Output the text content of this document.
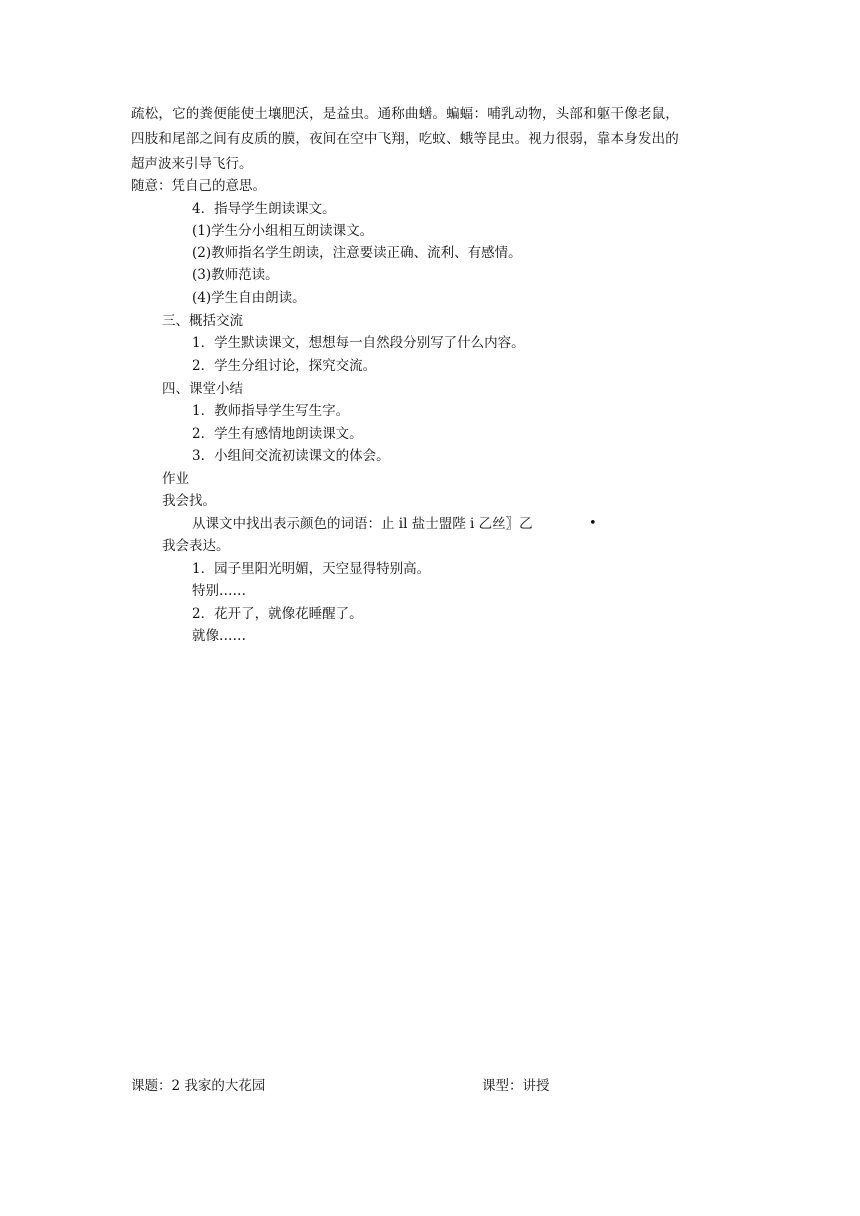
疏松，它的粪便能使土壤肥沃，是益虫。通称曲蟮。蝙蝠：哺乳动物，头部和躯干像老鼠，
四肢和尾部之间有皮质的膜，夜间在空中飞翔，吃蚊、蛾等昆虫。视力很弱，靠本身发出的
超声波来引导飞行。
随意：凭自己的意思。
4．指导学生朗读课文。
(1)学生分小组相互朗读课文。
(2)教师指名学生朗读，注意要读正确、流利、有感情。
(3)教师范读。
(4)学生自由朗读。
三、概括交流
1．学生默读课文，想想每一自然段分别写了什么内容。
2．学生分组讨论，探究交流。
四、课堂小结
1．教师指导学生写生字。
2．学生有感情地朗读课文。
3．小组间交流初读课文的体会。
作业
我会找。
从课文中找出表示颜色的词语：止 il 盐士盟陛 i 乙丝〗乙	•
我会表达。
1．园子里阳光明媚，天空显得特别高。
特别……
2．花开了，就像花睡醒了。
就像……
课题：2 我家的大花园	课型：讲授
